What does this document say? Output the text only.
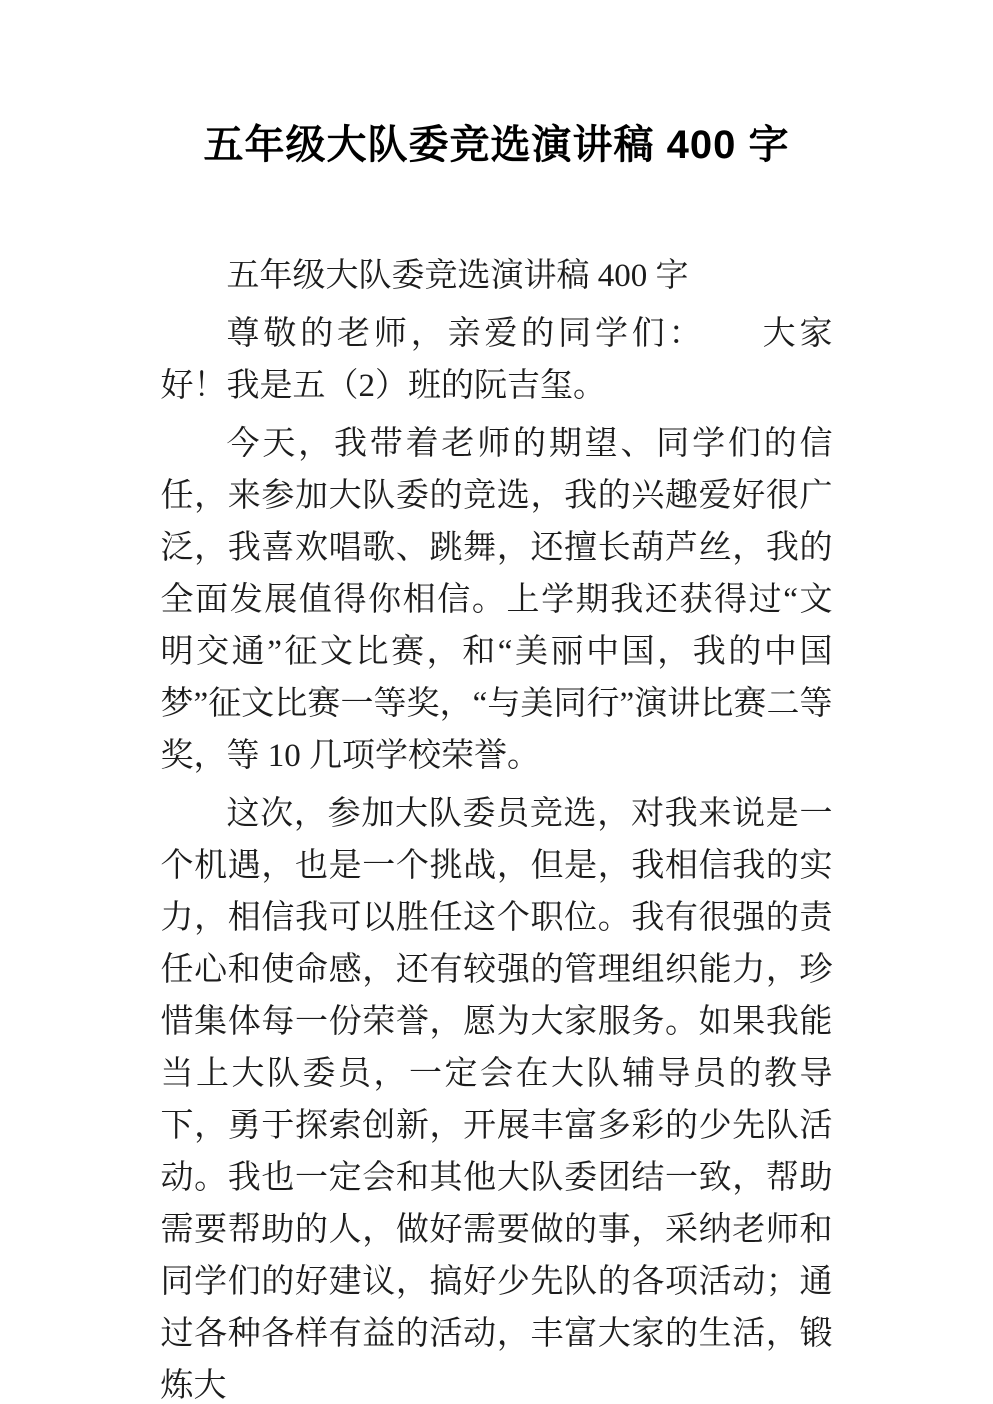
五年级大队委竞选演讲稿 400 字

五年级大队委竞选演讲稿 400 字

尊敬的老师，亲爱的同学们：　　大家好！我是五（2）班的阮吉玺。

今天，我带着老师的期望、同学们的信任，来参加大队委的竞选，我的兴趣爱好很广泛，我喜欢唱歌、跳舞，还擅长葫芦丝，我的全面发展值得你相信。上学期我还获得过“文明交通”征文比赛，和“美丽中国，我的中国梦”征文比赛一等奖，“与美同行”演讲比赛二等奖，等 10 几项学校荣誉。

这次，参加大队委员竞选，对我来说是一个机遇，也是一个挑战，但是，我相信我的实力，相信我可以胜任这个职位。我有很强的责任心和使命感，还有较强的管理组织能力，珍惜集体每一份荣誉，愿为大家服务。如果我能当上大队委员，一定会在大队辅导员的教导下，勇于探索创新，开展丰富多彩的少先队活动。我也一定会和其他大队委团结一致，帮助需要帮助的人，做好需要做的事，采纳老师和同学们的好建议，搞好少先队的各项活动；通过各种各样有益的活动，丰富大家的生活，锻炼大
